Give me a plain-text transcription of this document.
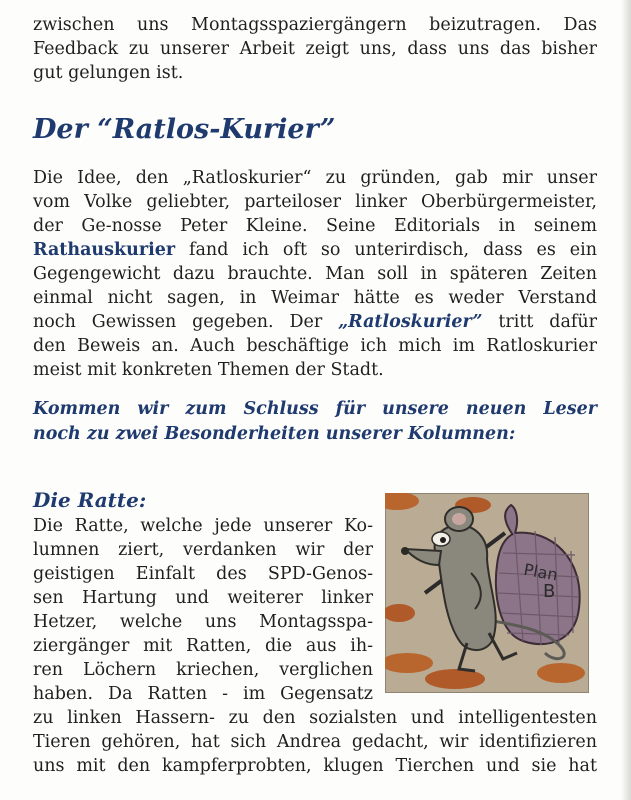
zwischen uns Montagsspaziergängern beizutragen. Das
Feedback zu unserer Arbeit zeigt uns, dass uns das bisher
gut gelungen ist.
Der “Ratlos-Kurier”
Die Idee, den „Ratloskurier“ zu gründen, gab mir unser
vom Volke geliebter, parteiloser linker Oberbürgermeister,
der Ge-nosse Peter Kleine. Seine Editorials in seinem
Rathauskurier fand ich oft so unterirdisch, dass es ein
Gegengewicht dazu brauchte. Man soll in späteren Zeiten
einmal nicht sagen, in Weimar hätte es weder Verstand
noch Gewissen gegeben. Der „Ratloskurier” tritt dafür
den Beweis an. Auch beschäftige ich mich im Ratloskurier
meist mit konkreten Themen der Stadt.
Kommen wir zum Schluss für unsere neuen Leser
noch zu zwei Besonderheiten unserer Kolumnen:
Die Ratte:
Plan
B
Die Ratte, welche jede unserer Ko-
lumnen ziert, verdanken wir der
geistigen Einfalt des SPD-Genos-
sen Hartung und weiterer linker
Hetzer, welche uns Montagsspa-
ziergänger mit Ratten, die aus ih-
ren Löchern kriechen, verglichen
haben. Da Ratten - im Gegensatz
zu linken Hassern- zu den sozialsten und intelligentesten
Tieren gehören, hat sich Andrea gedacht, wir identifizieren
uns mit den kampferprobten, klugen Tierchen und sie hat
